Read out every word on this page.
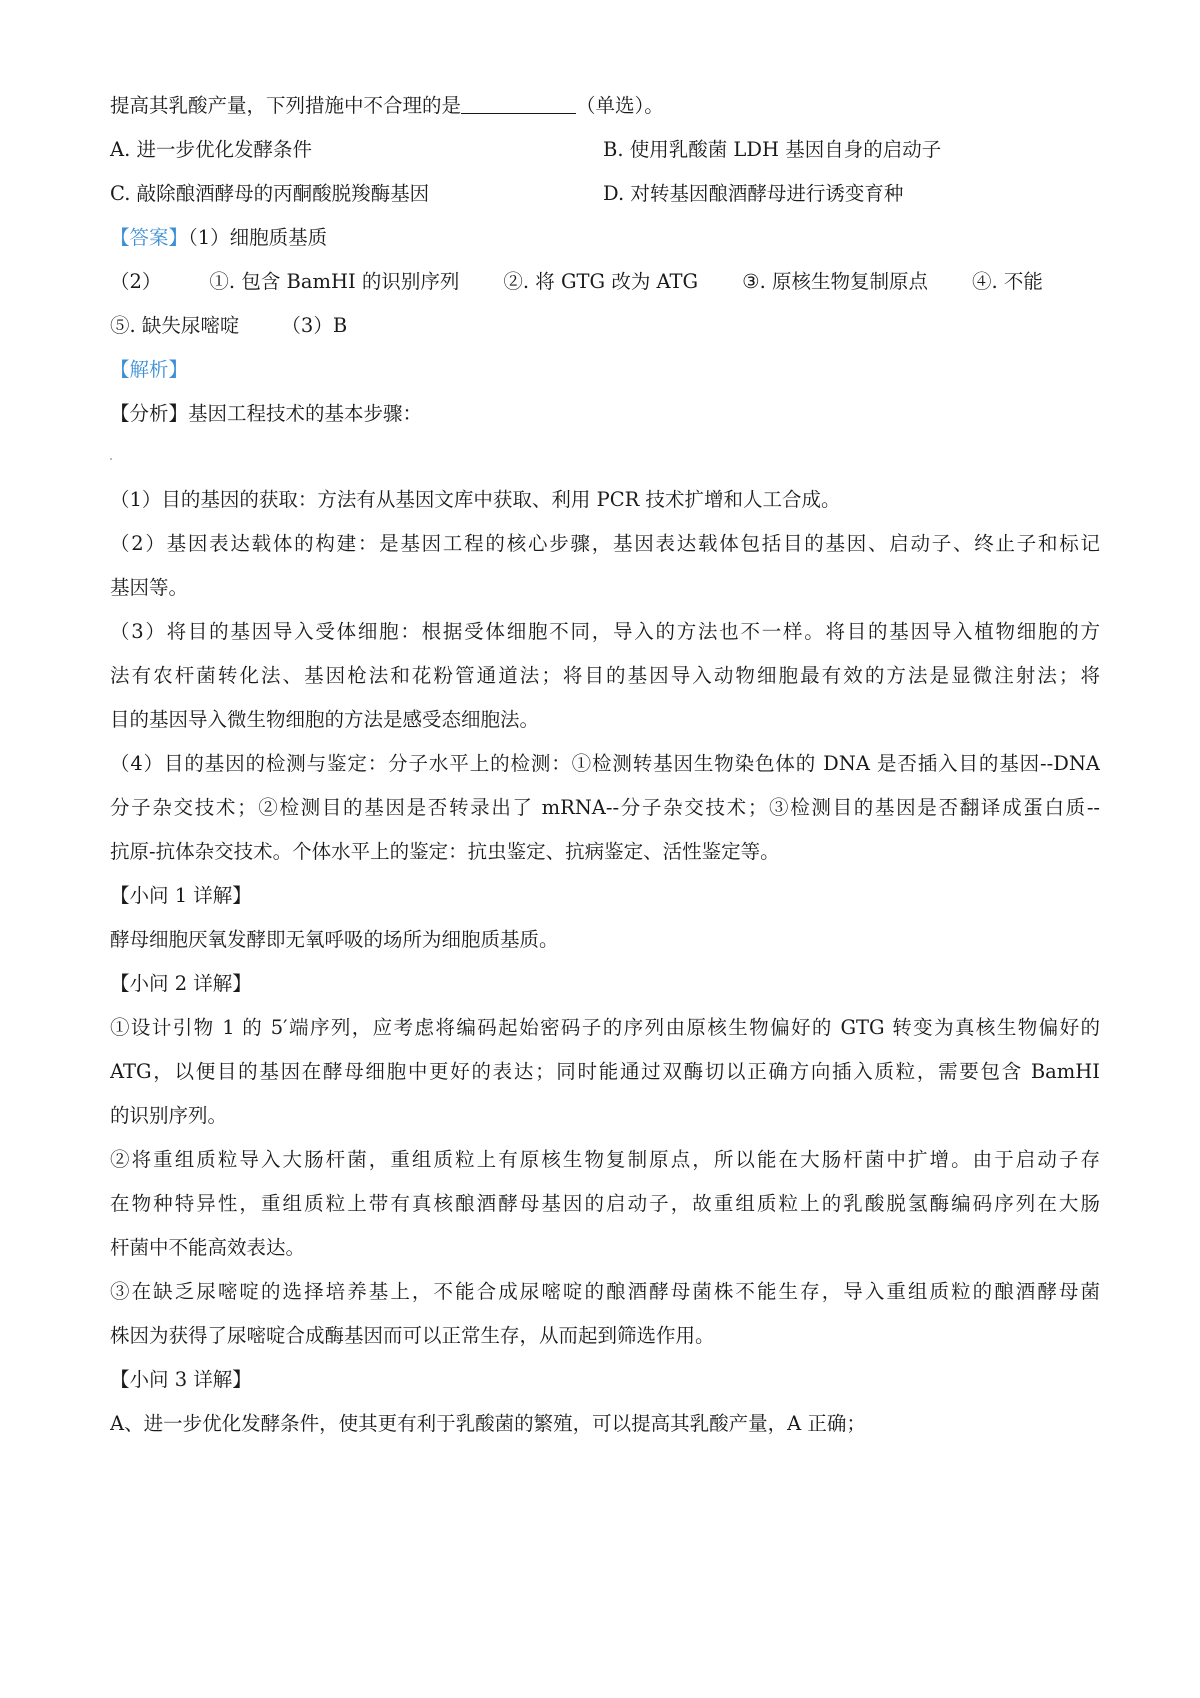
提高其乳酸产量，下列措施中不合理的是	（单选）。
A. 进一步优化发酵条件	B. 使用乳酸菌 LDH 基因自身的启动子
C. 敲除酿酒酵母的丙酮酸脱羧酶基因	D. 对转基因酿酒酵母进行诱变育种
【答案】（1）细胞质基质
（2） ①. 包含 BamHI 的识别序列 ②. 将 GTG 改为 ATG ③. 原核生物复制原点 ④. 不能
⑤. 缺失尿嘧啶 （3）B
【解析】
【分析】基因工程技术的基本步骤：
（1）目的基因的获取：方法有从基因文库中获取、利用 PCR 技术扩增和人工合成。
（2）基因表达载体的构建：是基因工程的核心步骤，基因表达载体包括目的基因、启动子、终止子和标记
基因等。
（3）将目的基因导入受体细胞：根据受体细胞不同，导入的方法也不一样。将目的基因导入植物细胞的方
法有农杆菌转化法、基因枪法和花粉管通道法；将目的基因导入动物细胞最有效的方法是显微注射法；将
目的基因导入微生物细胞的方法是感受态细胞法。
（4）目的基因的检测与鉴定：分子水平上的检测：①检测转基因生物染色体的 DNA 是否插入目的基因--DNA
分子杂交技术；②检测目的基因是否转录出了 mRNA--分子杂交技术；③检测目的基因是否翻译成蛋白质--
抗原-抗体杂交技术。个体水平上的鉴定：抗虫鉴定、抗病鉴定、活性鉴定等。
【小问 1 详解】
酵母细胞厌氧发酵即无氧呼吸的场所为细胞质基质。
【小问 2 详解】
①设计引物 1 的 5′端序列，应考虑将编码起始密码子的序列由原核生物偏好的 GTG 转变为真核生物偏好的
ATG，以便目的基因在酵母细胞中更好的表达；同时能通过双酶切以正确方向插入质粒，需要包含 BamHI
的识别序列。
②将重组质粒导入大肠杆菌，重组质粒上有原核生物复制原点，所以能在大肠杆菌中扩增。由于启动子存
在物种特异性，重组质粒上带有真核酿酒酵母基因的启动子，故重组质粒上的乳酸脱氢酶编码序列在大肠
杆菌中不能高效表达。
③在缺乏尿嘧啶的选择培养基上，不能合成尿嘧啶的酿酒酵母菌株不能生存，导入重组质粒的酿酒酵母菌
株因为获得了尿嘧啶合成酶基因而可以正常生存，从而起到筛选作用。
【小问 3 详解】
A、进一步优化发酵条件，使其更有利于乳酸菌的繁殖，可以提高其乳酸产量，A 正确；
